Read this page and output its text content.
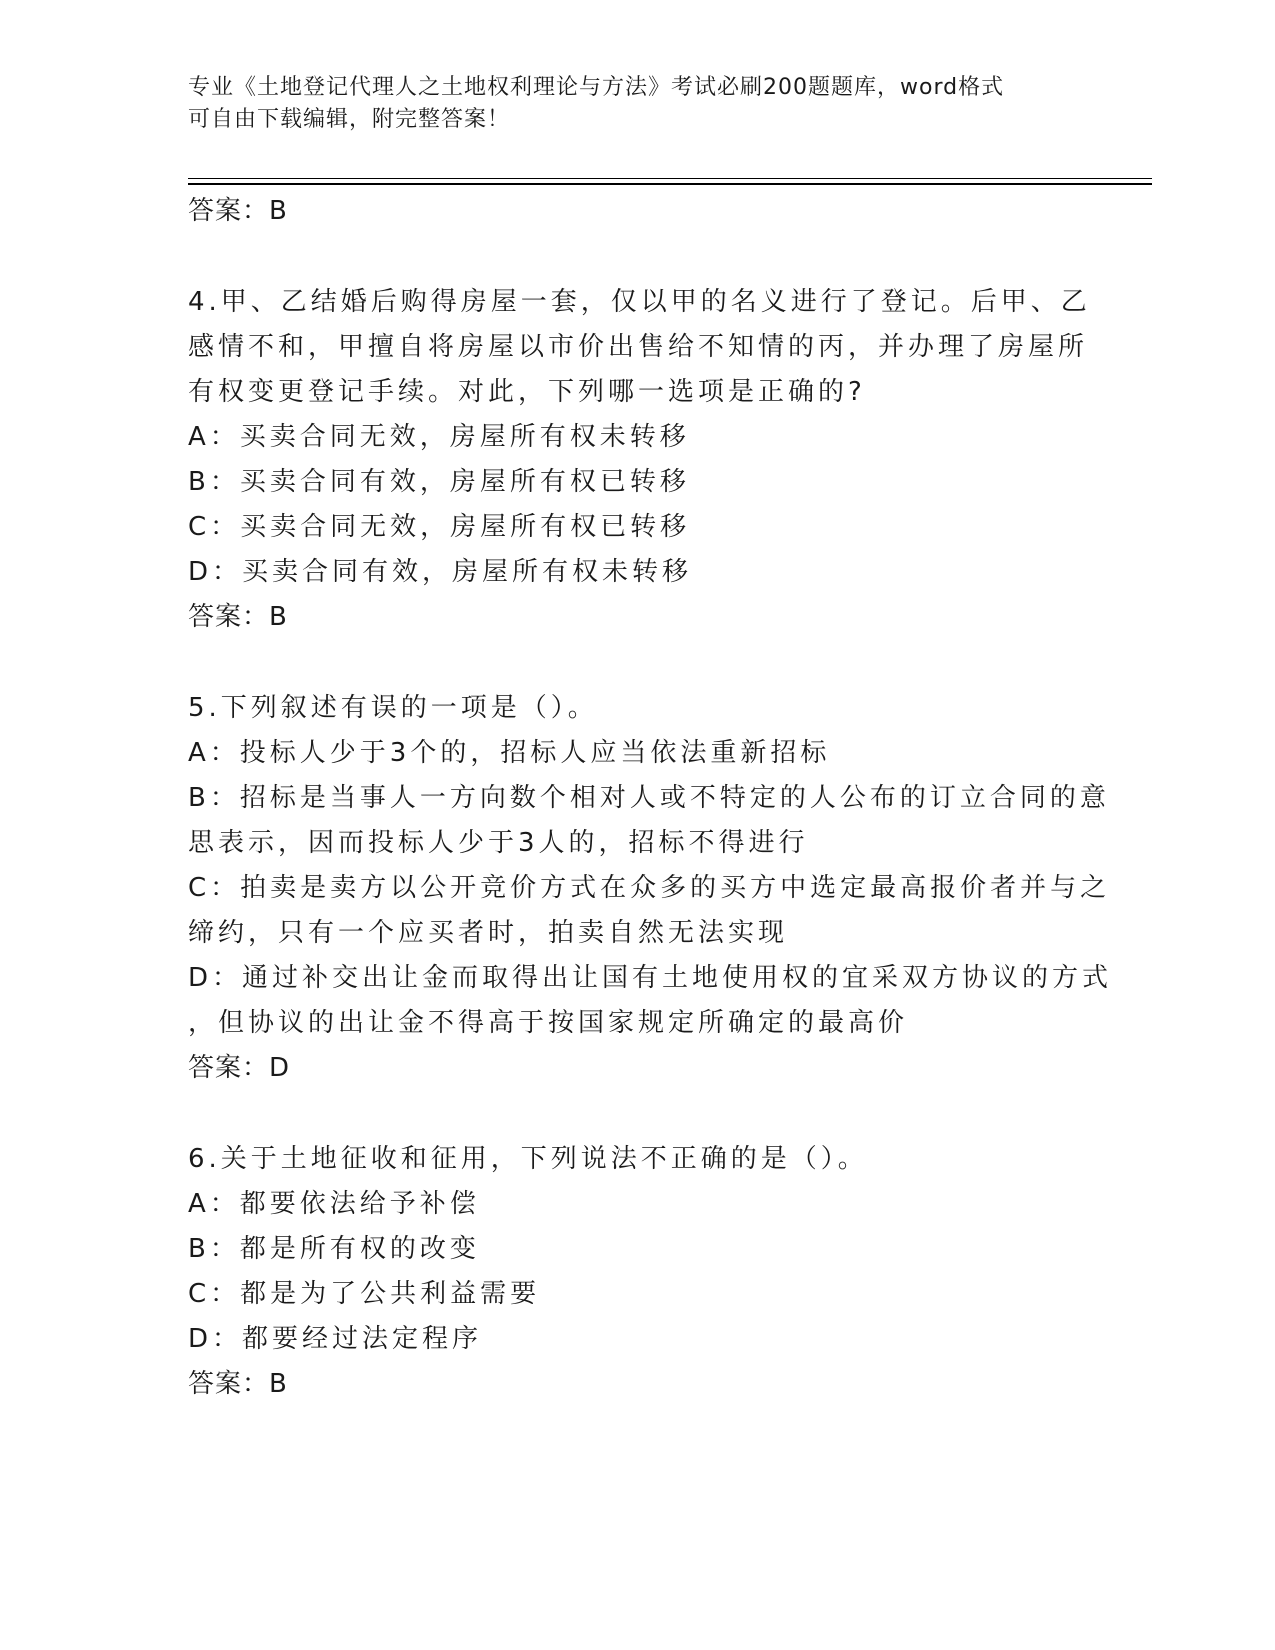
专业《土地登记代理人之土地权利理论与方法》考试必刷200题题库，word格式
可自由下载编辑，附完整答案！
答案：B
4.甲、乙结婚后购得房屋一套，仅以甲的名义进行了登记。后甲、乙
感情不和，甲擅自将房屋以市价出售给不知情的丙，并办理了房屋所
有权变更登记手续。对此，下列哪一选项是正确的?
A：买卖合同无效，房屋所有权未转移
B：买卖合同有效，房屋所有权已转移
C：买卖合同无效，房屋所有权已转移
D：买卖合同有效，房屋所有权未转移
答案：B
5.下列叙述有误的一项是（）。
A：投标人少于3个的，招标人应当依法重新招标
B：招标是当事人一方向数个相对人或不特定的人公布的订立合同的意
思表示，因而投标人少于3人的，招标不得进行
C：拍卖是卖方以公开竞价方式在众多的买方中选定最高报价者并与之
缔约，只有一个应买者时，拍卖自然无法实现
D：通过补交出让金而取得出让国有土地使用权的宜采双方协议的方式
，但协议的出让金不得高于按国家规定所确定的最高价
答案：D
6.关于土地征收和征用，下列说法不正确的是（）。
A：都要依法给予补偿
B：都是所有权的改变
C：都是为了公共利益需要
D：都要经过法定程序
答案：B
